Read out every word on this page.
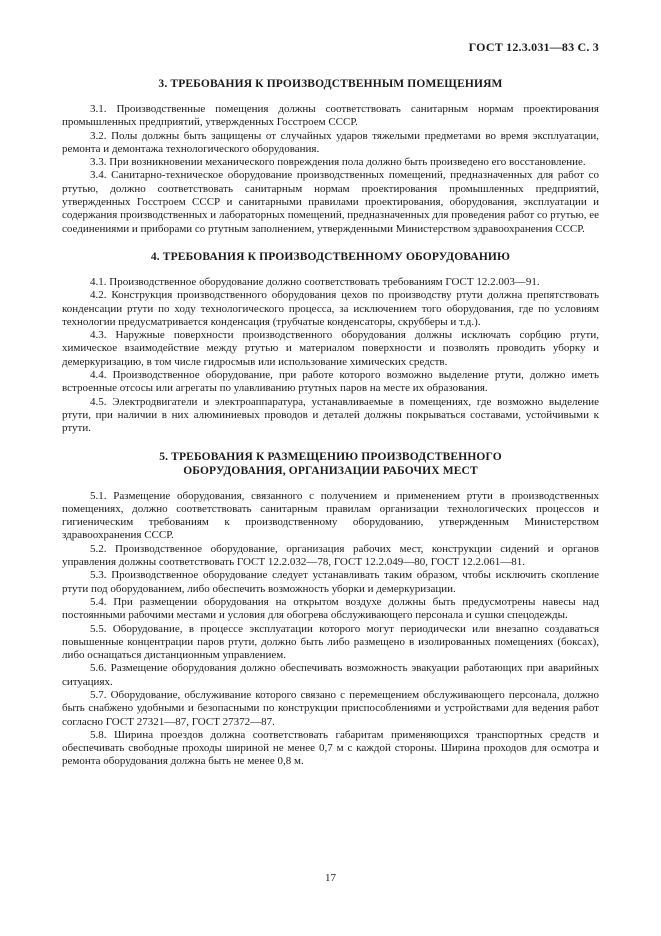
ГОСТ 12.3.031—83 С. 3
3. ТРЕБОВАНИЯ К ПРОИЗВОДСТВЕННЫМ ПОМЕЩЕНИЯМ

3.1. Производственные помещения должны соответствовать санитарным нормам проектирования промышленных предприятий, утвержденных Госстроем СССР.

3.2. Полы должны быть защищены от случайных ударов тяжелыми предметами во время эксплуатации, ремонта и демонтажа технологического оборудования.

3.3. При возникновении механического повреждения пола должно быть произведено его восстановление.

3.4. Санитарно-техническое оборудование производственных помещений, предназначенных для работ со ртутью, должно соответствовать санитарным нормам проектирования промышленных предприятий, утвержденных Госстроем СССР и санитарными правилами проектирования, оборудования, эксплуатации и содержания производственных и лабораторных помещений, предназначенных для проведения работ со ртутью, ее соединениями и приборами со ртутным заполнением, утвержденными Министерством здравоохранения СССР.

4. ТРЕБОВАНИЯ К ПРОИЗВОДСТВЕННОМУ ОБОРУДОВАНИЮ

4.1. Производственное оборудование должно соответствовать требованиям ГОСТ 12.2.003—91.

4.2. Конструкция производственного оборудования цехов по производству ртути должна препятствовать конденсации ртути по ходу технологического процесса, за исключением того оборудования, где по условиям технологии предусматривается конденсация (трубчатые конденсаторы, скрубберы и т.д.).

4.3. Наружные поверхности производственного оборудования должны исключать сорбцию ртути, химическое взаимодействие между ртутью и материалом поверхности и позволять проводить уборку и демеркуризацию, в том числе гидросмыв или использование химических средств.

4.4. Производственное оборудование, при работе которого возможно выделение ртути, должно иметь встроенные отсосы или агрегаты по улавливанию ртутных паров на месте их образования.

4.5. Электродвигатели и электроаппаратура, устанавливаемые в помещениях, где возможно выделение ртути, при наличии в них алюминиевых проводов и деталей должны покрываться составами, устойчивыми к ртути.

5. ТРЕБОВАНИЯ К РАЗМЕЩЕНИЮ ПРОИЗВОДСТВЕННОГО ОБОРУДОВАНИЯ, ОРГАНИЗАЦИИ РАБОЧИХ МЕСТ

5.1. Размещение оборудования, связанного с получением и применением ртути в производственных помещениях, должно соответствовать санитарным правилам организации технологических процессов и гигиеническим требованиям к производственному оборудованию, утвержденным Министерством здравоохранения СССР.

5.2. Производственное оборудование, организация рабочих мест, конструкции сидений и органов управления должны соответствовать ГОСТ 12.2.032—78, ГОСТ 12.2.049—80, ГОСТ 12.2.061—81.

5.3. Производственное оборудование следует устанавливать таким образом, чтобы исключить скопление ртути под оборудованием, либо обеспечить возможность уборки и демеркуризации.

5.4. При размещении оборудования на открытом воздухе должны быть предусмотрены навесы над постоянными рабочими местами и условия для обогрева обслуживающего персонала и сушки спецодежды.

5.5. Оборудование, в процессе эксплуатации которого могут периодически или внезапно создаваться повышенные концентрации паров ртути, должно быть либо размещено в изолированных помещениях (боксах), либо оснащаться дистанционным управлением.

5.6. Размещение оборудования должно обеспечивать возможность эвакуации работающих при аварийных ситуациях.

5.7. Оборудование, обслуживание которого связано с перемещением обслуживающего персонала, должно быть снабжено удобными и безопасными по конструкции приспособлениями и устройствами для ведения работ согласно ГОСТ 27321—87, ГОСТ 27372—87.

5.8. Ширина проездов должна соответствовать габаритам применяющихся транспортных средств и обеспечивать свободные проходы шириной не менее 0,7 м с каждой стороны. Ширина проходов для осмотра и ремонта оборудования должна быть не менее 0,8 м.

17
